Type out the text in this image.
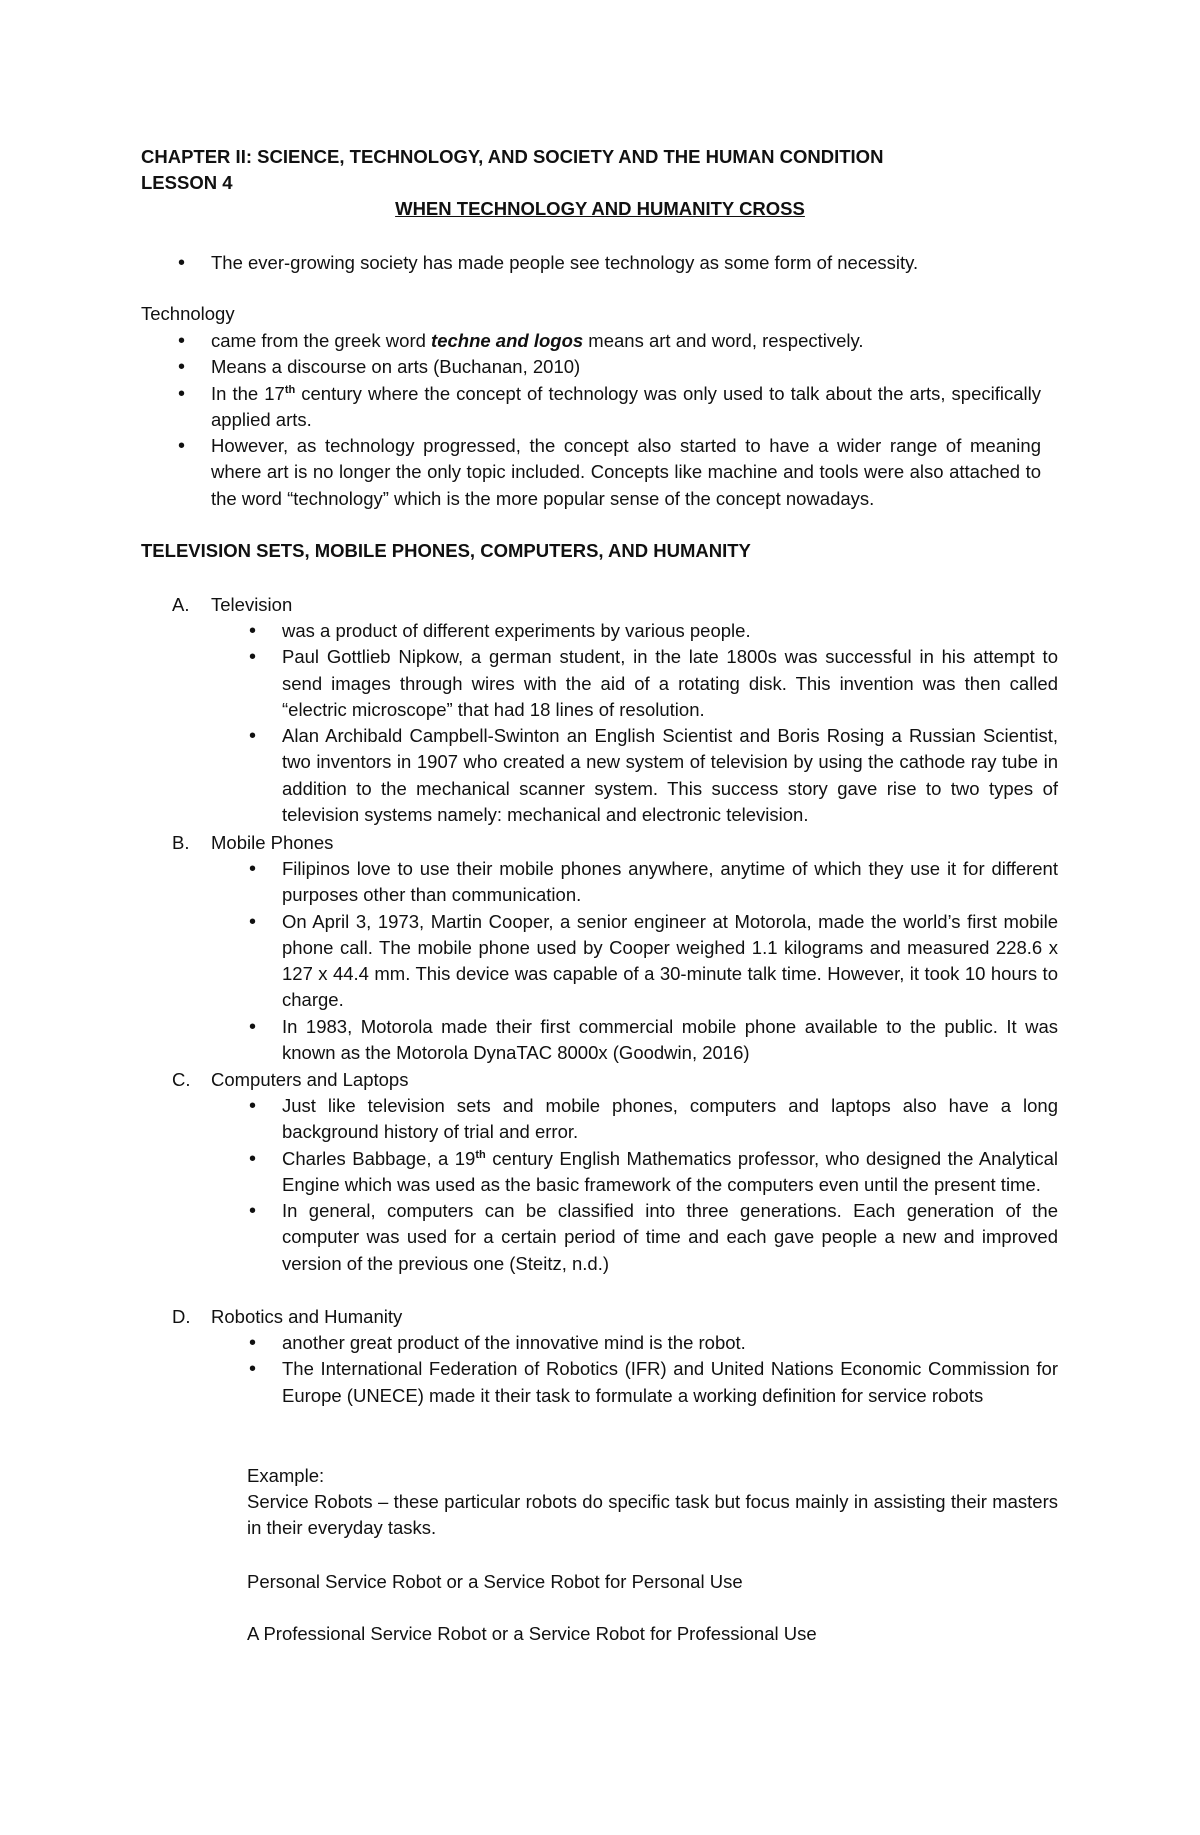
CHAPTER II: SCIENCE, TECHNOLOGY, AND SOCIETY AND THE HUMAN CONDITION
LESSON 4
WHEN TECHNOLOGY AND HUMANITY CROSS
• The ever-growing society has made people see technology as some form of necessity.
Technology
• came from the greek word techne and logos means art and word, respectively.
• Means a discourse on arts (Buchanan, 2010)
• In the 17th century where the concept of technology was only used to talk about the arts, specifically applied arts.
• However, as technology progressed, the concept also started to have a wider range of meaning where art is no longer the only topic included. Concepts like machine and tools were also attached to the word “technology” which is the more popular sense of the concept nowadays.
TELEVISION SETS, MOBILE PHONES, COMPUTERS, AND HUMANITY
A. Television
• was a product of different experiments by various people.
• Paul Gottlieb Nipkow, a german student, in the late 1800s was successful in his attempt to send images through wires with the aid of a rotating disk. This invention was then called “electric microscope” that had 18 lines of resolution.
• Alan Archibald Campbell-Swinton an English Scientist and Boris Rosing a Russian Scientist, two inventors in 1907 who created a new system of television by using the cathode ray tube in addition to the mechanical scanner system. This success story gave rise to two types of television systems namely: mechanical and electronic television.
B. Mobile Phones
• Filipinos love to use their mobile phones anywhere, anytime of which they use it for different purposes other than communication.
• On April 3, 1973, Martin Cooper, a senior engineer at Motorola, made the world’s first mobile phone call. The mobile phone used by Cooper weighed 1.1 kilograms and measured 228.6 x 127 x 44.4 mm. This device was capable of a 30-minute talk time. However, it took 10 hours to charge.
• In 1983, Motorola made their first commercial mobile phone available to the public. It was known as the Motorola DynaTAC 8000x (Goodwin, 2016)
C. Computers and Laptops
• Just like television sets and mobile phones, computers and laptops also have a long background history of trial and error.
• Charles Babbage, a 19th century English Mathematics professor, who designed the Analytical Engine which was used as the basic framework of the computers even until the present time.
• In general, computers can be classified into three generations. Each generation of the computer was used for a certain period of time and each gave people a new and improved version of the previous one (Steitz, n.d.)
D. Robotics and Humanity
• another great product of the innovative mind is the robot.
• The International Federation of Robotics (IFR) and United Nations Economic Commission for Europe (UNECE) made it their task to formulate a working definition for service robots
Example:
Service Robots – these particular robots do specific task but focus mainly in assisting their masters in their everyday tasks.
Personal Service Robot or a Service Robot for Personal Use
A Professional Service Robot or a Service Robot for Professional Use
